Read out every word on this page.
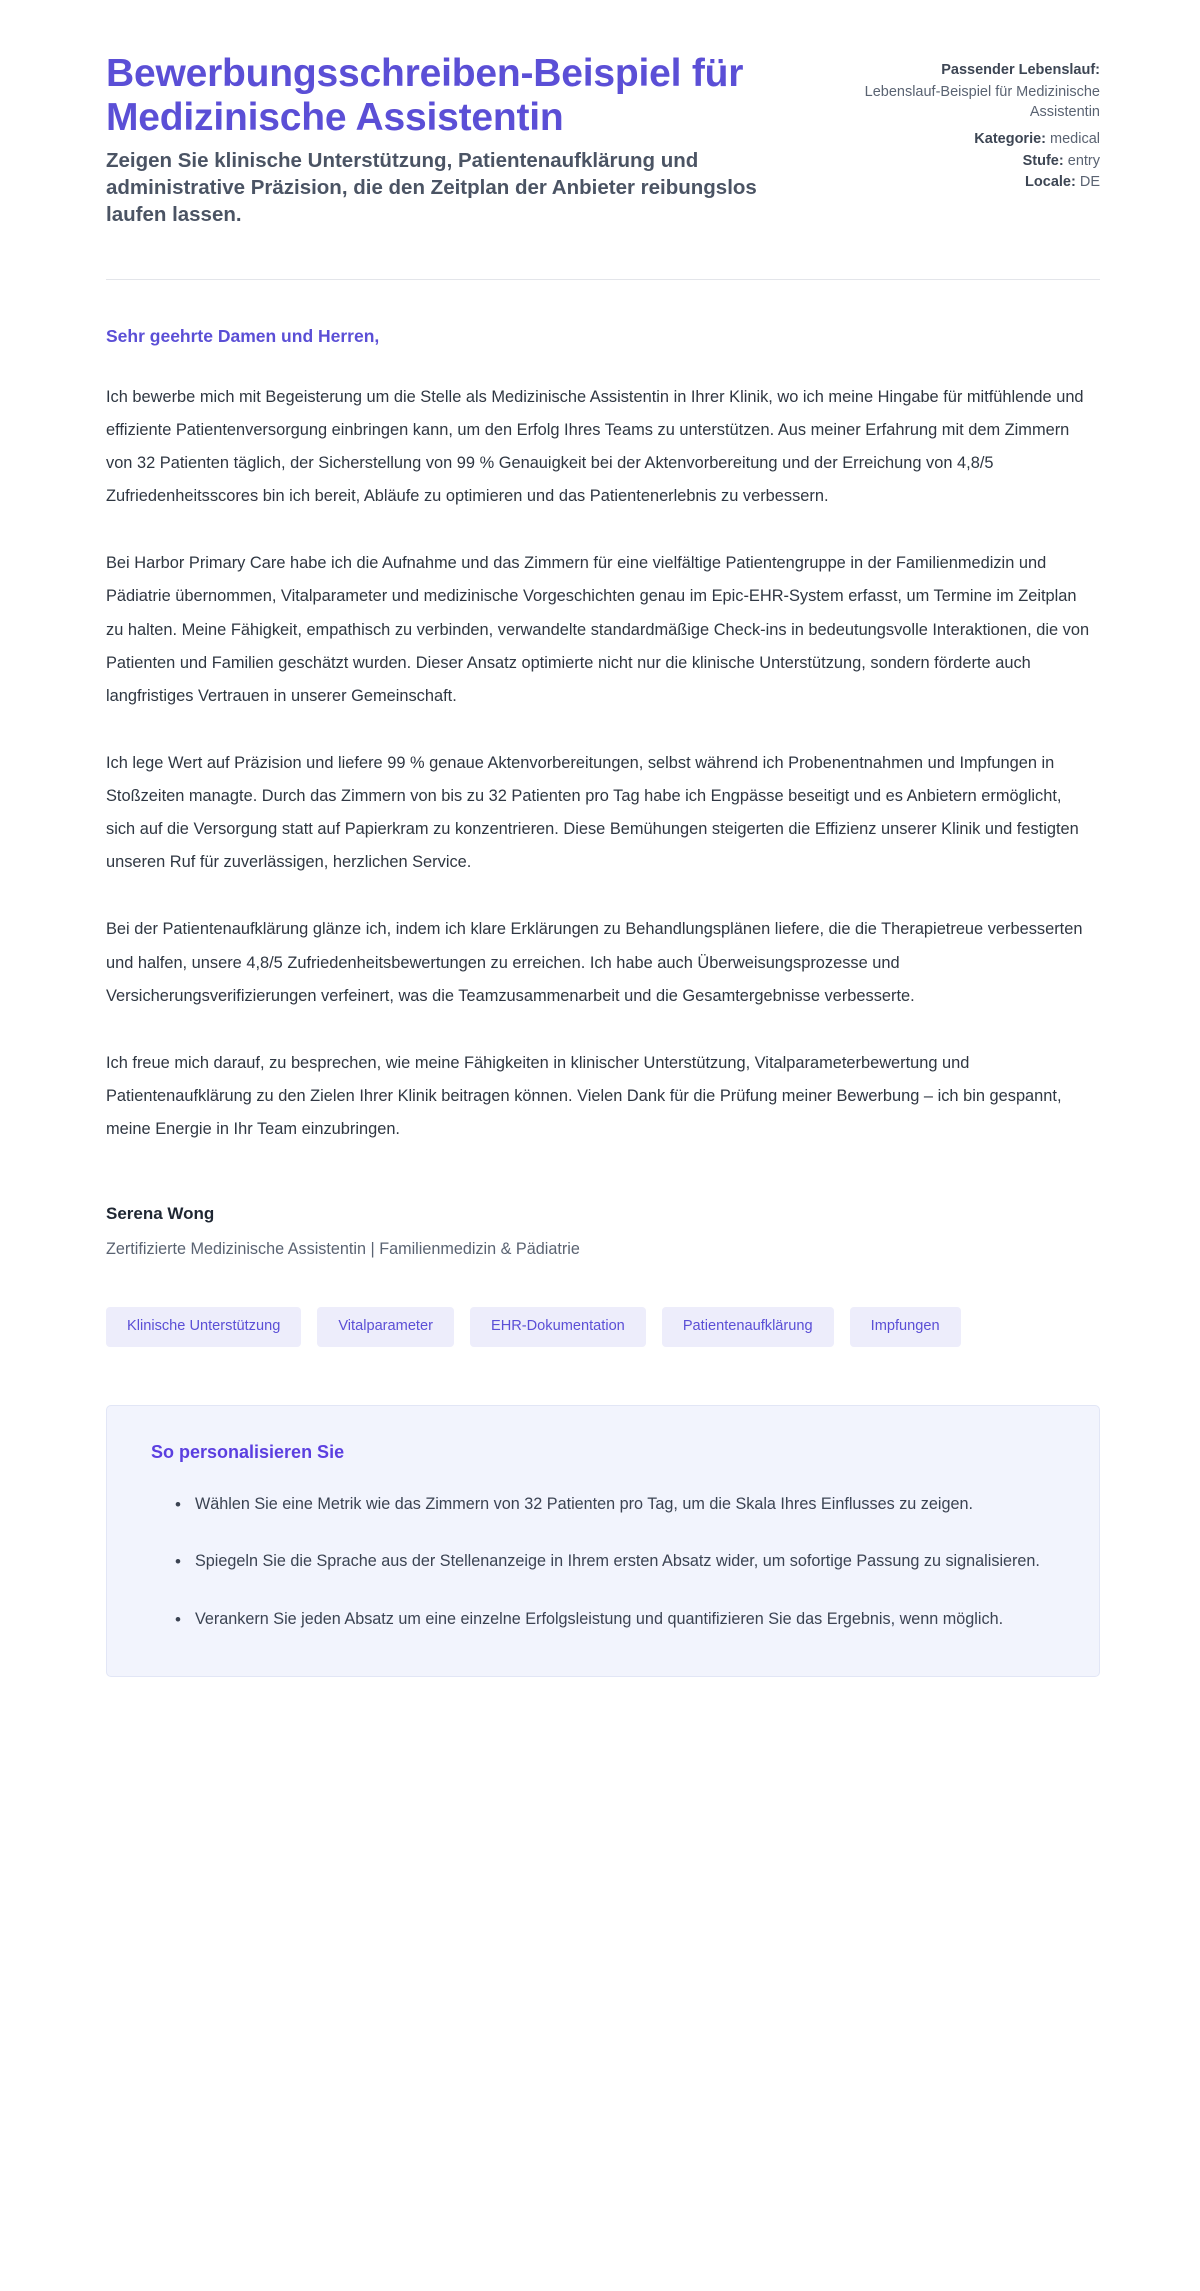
Bewerbungsschreiben-Beispiel für Medizinische Assistentin

Zeigen Sie klinische Unterstützung, Patientenaufklärung und administrative Präzision, die den Zeitplan der Anbieter reibungslos laufen lassen.

Passender Lebenslauf:

Lebenslauf-Beispiel für Medizinische Assistentin

Kategorie: medical

Stufe: entry

Locale: DE

Sehr geehrte Damen und Herren,

Ich bewerbe mich mit Begeisterung um die Stelle als Medizinische Assistentin in Ihrer Klinik, wo ich meine Hingabe für mitfühlende und effiziente Patientenversorgung einbringen kann, um den Erfolg Ihres Teams zu unterstützen. Aus meiner Erfahrung mit dem Zimmern von 32 Patienten täglich, der Sicherstellung von 99 % Genauigkeit bei der Aktenvorbereitung und der Erreichung von 4,8/5 Zufriedenheitsscores bin ich bereit, Abläufe zu optimieren und das Patientenerlebnis zu verbessern.

Bei Harbor Primary Care habe ich die Aufnahme und das Zimmern für eine vielfältige Patientengruppe in der Familienmedizin und Pädiatrie übernommen, Vitalparameter und medizinische Vorgeschichten genau im Epic-EHR-System erfasst, um Termine im Zeitplan zu halten. Meine Fähigkeit, empathisch zu verbinden, verwandelte standardmäßige Check-ins in bedeutungsvolle Interaktionen, die von Patienten und Familien geschätzt wurden. Dieser Ansatz optimierte nicht nur die klinische Unterstützung, sondern förderte auch langfristiges Vertrauen in unserer Gemeinschaft.

Ich lege Wert auf Präzision und liefere 99 % genaue Aktenvorbereitungen, selbst während ich Probenentnahmen und Impfungen in Stoßzeiten managte. Durch das Zimmern von bis zu 32 Patienten pro Tag habe ich Engpässe beseitigt und es Anbietern ermöglicht, sich auf die Versorgung statt auf Papierkram zu konzentrieren. Diese Bemühungen steigerten die Effizienz unserer Klinik und festigten unseren Ruf für zuverlässigen, herzlichen Service.

Bei der Patientenaufklärung glänze ich, indem ich klare Erklärungen zu Behandlungsplänen liefere, die die Therapietreue verbesserten und halfen, unsere 4,8/5 Zufriedenheitsbewertungen zu erreichen. Ich habe auch Überweisungsprozesse und Versicherungsverifizierungen verfeinert, was die Teamzusammenarbeit und die Gesamtergebnisse verbesserte.

Ich freue mich darauf, zu besprechen, wie meine Fähigkeiten in klinischer Unterstützung, Vitalparameterbewertung und Patientenaufklärung zu den Zielen Ihrer Klinik beitragen können. Vielen Dank für die Prüfung meiner Bewerbung – ich bin gespannt, meine Energie in Ihr Team einzubringen.

Serena Wong

Zertifizierte Medizinische Assistentin | Familienmedizin & Pädiatrie

Klinische Unterstützung	Vitalparameter	EHR-Dokumentation	Patientenaufklärung	Impfungen

So personalisieren Sie

• Wählen Sie eine Metrik wie das Zimmern von 32 Patienten pro Tag, um die Skala Ihres Einflusses zu zeigen.
• Spiegeln Sie die Sprache aus der Stellenanzeige in Ihrem ersten Absatz wider, um sofortige Passung zu signalisieren.
• Verankern Sie jeden Absatz um eine einzelne Erfolgsleistung und quantifizieren Sie das Ergebnis, wenn möglich.
